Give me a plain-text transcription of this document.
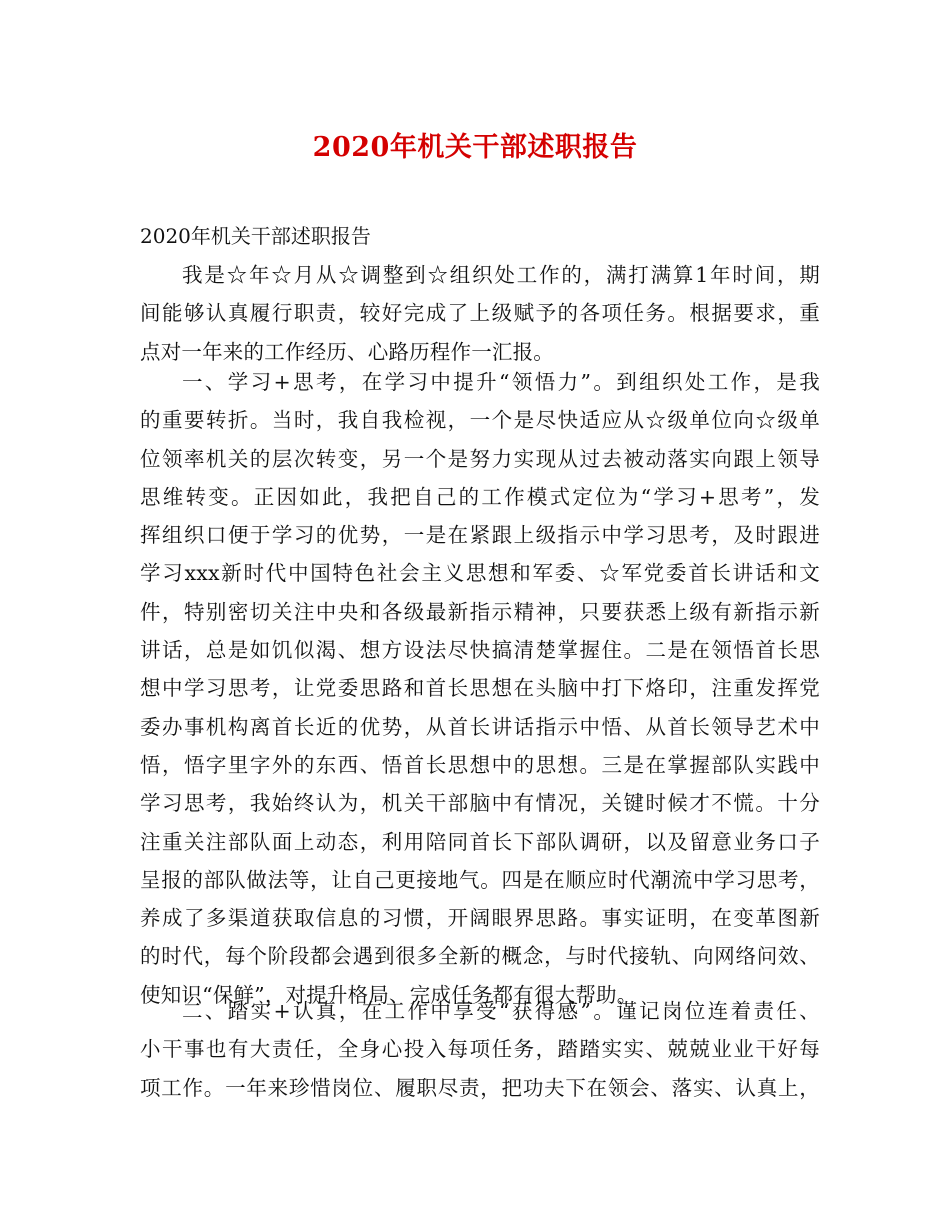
2020年机关干部述职报告
2020年机关干部述职报告
我是☆年☆月从☆调整到☆组织处工作的，满打满算1年时间，期
间能够认真履行职责，较好完成了上级赋予的各项任务。根据要求，重
点对一年来的工作经历、心路历程作一汇报。
一、学习+思考，在学习中提升“领悟力”。到组织处工作，是我
的重要转折。当时，我自我检视，一个是尽快适应从☆级单位向☆级单
位领率机关的层次转变，另一个是努力实现从过去被动落实向跟上领导
思维转变。正因如此，我把自己的工作模式定位为“学习+思考”，发
挥组织口便于学习的优势，一是在紧跟上级指示中学习思考，及时跟进
学习xxx新时代中国特色社会主义思想和军委、☆军党委首长讲话和文
件，特别密切关注中央和各级最新指示精神，只要获悉上级有新指示新
讲话，总是如饥似渴、想方设法尽快搞清楚掌握住。二是在领悟首长思
想中学习思考，让党委思路和首长思想在头脑中打下烙印，注重发挥党
委办事机构离首长近的优势，从首长讲话指示中悟、从首长领导艺术中
悟，悟字里字外的东西、悟首长思想中的思想。三是在掌握部队实践中
学习思考，我始终认为，机关干部脑中有情况，关键时候才不慌。十分
注重关注部队面上动态，利用陪同首长下部队调研，以及留意业务口子
呈报的部队做法等，让自己更接地气。四是在顺应时代潮流中学习思考，
养成了多渠道获取信息的习惯，开阔眼界思路。事实证明，在变革图新
的时代，每个阶段都会遇到很多全新的概念，与时代接轨、向网络问效、
使知识“保鲜”，对提升格局、完成任务都有很大帮助。
二、踏实+认真，在工作中享受“获得感”。谨记岗位连着责任、
小干事也有大责任，全身心投入每项任务，踏踏实实、兢兢业业干好每
项工作。一年来珍惜岗位、履职尽责，把功夫下在领会、落实、认真上，
